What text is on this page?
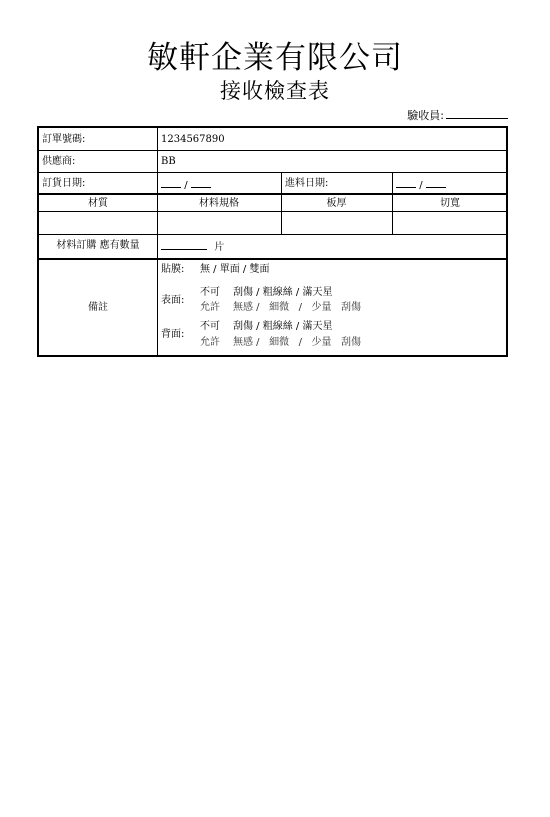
敏軒企業有限公司
接收檢查表
驗收員:
訂單號碼:	1234567890
供應商:	BB
訂貨日期:	/	進料日期:	/
材質	材料規格	板厚	切寬
材料訂購 應有數量	片
備註
貼膜: 無 / 單面 / 雙面
表面:
不可 刮傷 / 粗線絲 / 滿天星
允許 無感 /   細微   /   少量   刮傷
背面:
不可 刮傷 / 粗線絲 / 滿天星
允許 無感 /   細微   /   少量   刮傷
